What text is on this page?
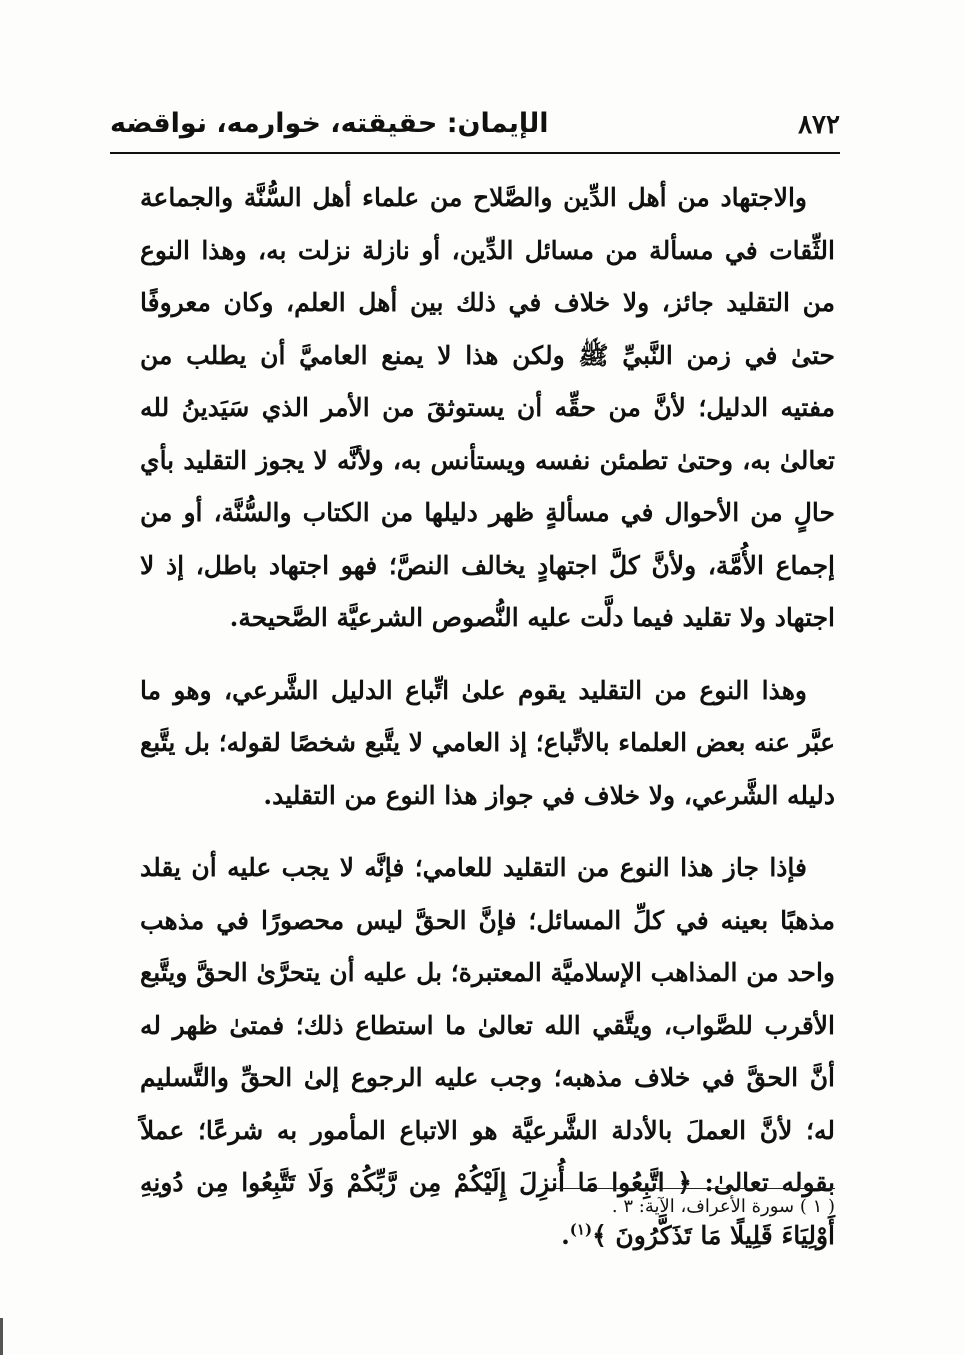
٨٧٢
الإيمان: حقيقته، خوارمه، نواقضه

والاجتهاد من أهل الدِّين والصَّلاح من علماء أهل السُّنَّة والجماعة الثِّقات في مسألة من مسائل الدِّين، أو نازلة نزلت به، وهذا النوع من التقليد جائز، ولا خلاف في ذلك بين أهل العلم، وكان معروفًا حتىٰ في زمن النَّبيِّ ﷺ ولكن هذا لا يمنع العاميَّ أن يطلب من مفتيه الدليل؛ لأنَّ من حقِّه أن يستوثقَ من الأمر الذي سَيَدينُ لله تعالىٰ به، وحتىٰ تطمئن نفسه ويستأنس به، ولأنَّه لا يجوز التقليد بأي حالٍ من الأحوال في مسألةٍ ظهر دليلها من الكتاب والسُّنَّة، أو من إجماع الأُمَّة، ولأنَّ كلَّ اجتهادٍ يخالف النصَّ؛ فهو اجتهاد باطل، إذ لا اجتهاد ولا تقليد فيما دلَّت عليه النُّصوص الشرعيَّة الصَّحيحة.

وهذا النوع من التقليد يقوم علىٰ اتِّباع الدليل الشَّرعي، وهو ما عبَّر عنه بعض العلماء بالاتِّباع؛ إذ العامي لا يتَّبع شخصًا لقوله؛ بل يتَّبع دليله الشَّرعي، ولا خلاف في جواز هذا النوع من التقليد.

فإذا جاز هذا النوع من التقليد للعامي؛ فإنَّه لا يجب عليه أن يقلد مذهبًا بعينه في كلِّ المسائل؛ فإنَّ الحقَّ ليس محصورًا في مذهب واحد من المذاهب الإسلاميَّة المعتبرة؛ بل عليه أن يتحرَّىٰ الحقَّ ويتَّبع الأقرب للصَّواب، ويتَّقي الله تعالىٰ ما استطاع ذلك؛ فمتىٰ ظهر له أنَّ الحقَّ في خلاف مذهبه؛ وجب عليه الرجوع إلىٰ الحقِّ والتَّسليم له؛ لأنَّ العملَ بالأدلة الشَّرعيَّة هو الاتباع المأمور به شرعًا؛ عملاً بقوله تعالىٰ: ﴿ اتَّبِعُوا مَا أُنزِلَ إِلَيْكُمْ مِن رَّبِّكُمْ وَلَا تَتَّبِعُوا مِن دُونِهِ أَوْلِيَاءَ قَلِيلًا مَا تَذَكَّرُونَ ﴾$^{(١)}$.

( ١ ) سورة الأعراف، الآية: ٣ .
